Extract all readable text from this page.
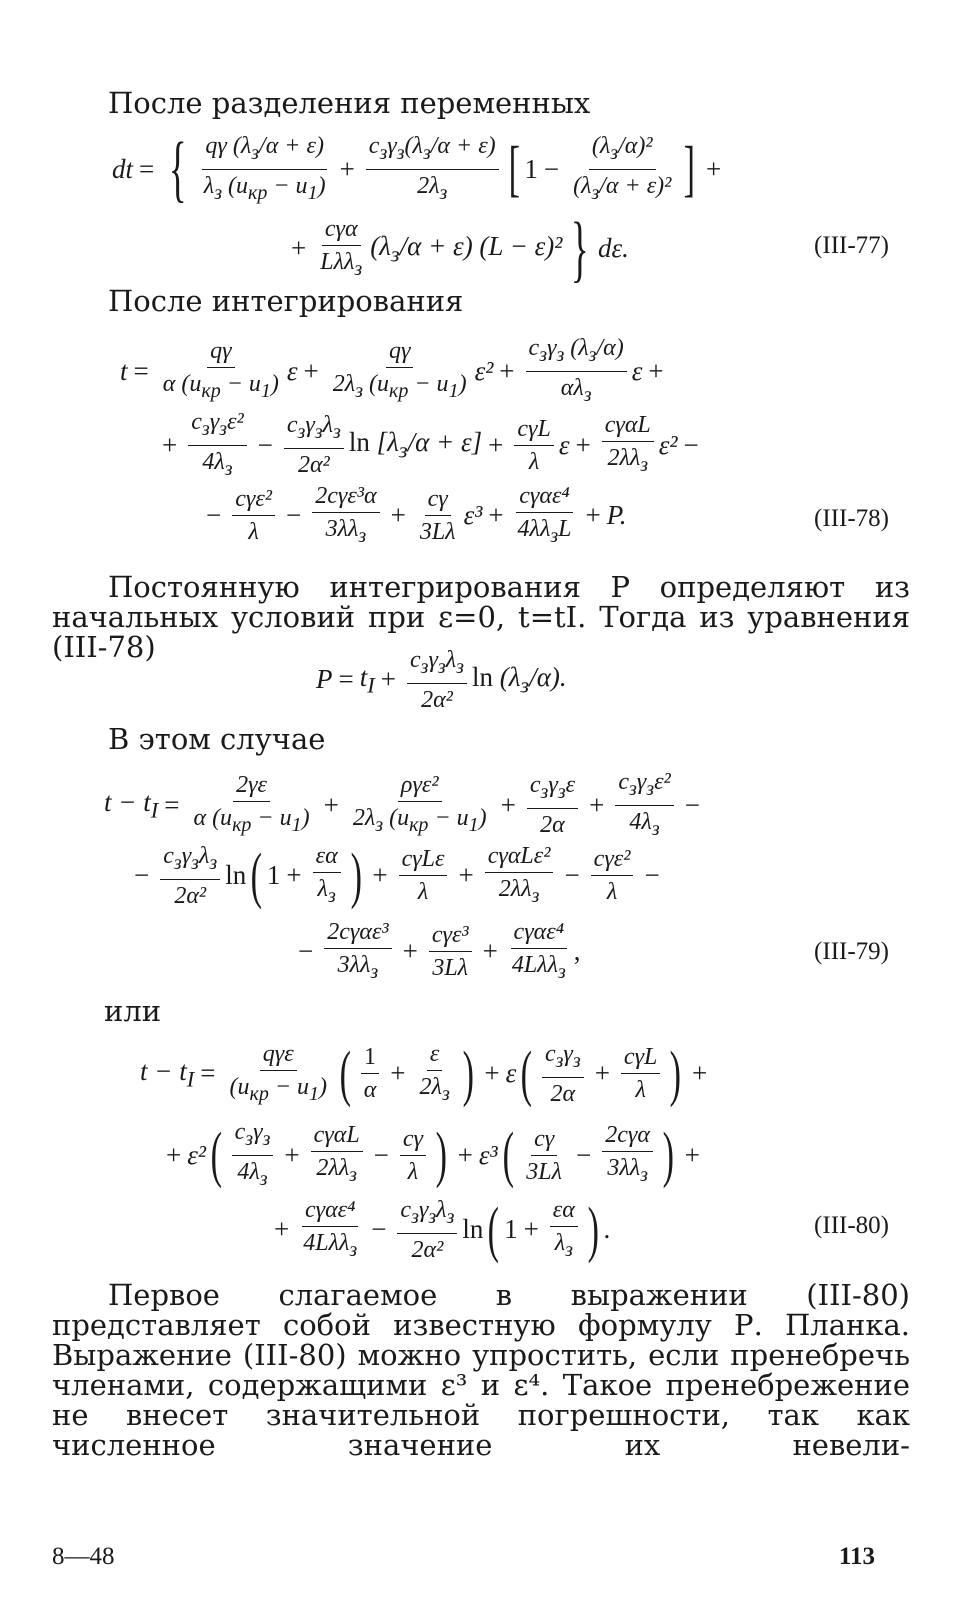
После разделения переменных
dt = { $\frac{q\gamma (\lambda_з/\alpha + \varepsilon)}{\lambda_з (u_{кр} - u_1)} + \frac{c_з\gamma_з(\lambda_з/\alpha + \varepsilon)}{2\lambda_з}$ [ $1 - \frac{(\lambda_з/\alpha)^2}{(\lambda_з/\alpha + \varepsilon)^2}$ ] +
+ $\frac{\text{cγα}}{L\lambda\lambda_з} (\lambda_з/\alpha + \varepsilon) (L - \varepsilon)^2$ } dε.	(III-77)
После интегрирования
$t = \frac{q\gamma}{\alpha (u_{кр} - u_1)}$ $\varepsilon + \frac{q\gamma}{2\lambda_з (u_{кр} - u_1)} \varepsilon^2 + \frac{c_з\gamma_з (\lambda_з/\alpha)}{\alpha\lambda_з}$ ε +
+ $\frac{c_з\gamma_з\varepsilon^2}{4\lambda_з} - \frac{c_з\gamma_з\lambda_з}{\text{2α²}}$ $\ln [\lambda_з/\alpha + \varepsilon] + \frac{\text{cγL}}{\lambda}$ $\varepsilon + \frac{\text{cγαL}}{2\lambda\lambda_з} \varepsilon^2$ −
− $\frac{\text{cγε²}}{\lambda} - \frac{\text{2cγε³α}}{3\lambda\lambda_з} + \frac{c\gamma}{3L\lambda} \varepsilon^3 + \frac{\text{cγαε⁴}}{4\lambda\lambda_зL} + P$.	(III-78)
Постоянную интегрирования P определяют из начальных условий при ε=0, t=tI. Тогда из уравнения (III-78)
$P = t_I + \frac{c_з\gamma_з\lambda_з}{\text{2α²}}$ $\ln (\lambda_з/\alpha)$.
В этом случае
$t - t_I = \frac{2\gamma\varepsilon}{\alpha (u_{кр} - u_1)} + \frac{\text{ργε²}}{2\lambda_з (u_{кр} - u_1)} + \frac{c_з\gamma_з\varepsilon}{2\alpha} + \frac{c_з\gamma_з\varepsilon^2}{4\lambda_з}$ −
− $\frac{c_з\gamma_з\lambda_з}{\text{2α²}}$ ln ( $1 + \frac{\varepsilon\alpha}{\lambda_з}$ ) + $\frac{\text{cγLε}}{\lambda} + \frac{\text{cγαLε²}}{2\lambda\lambda_з} - \frac{\text{cγε²}}{\lambda}$ −
− $\frac{\text{2cγαε³}}{3\lambda\lambda_з} + \frac{\text{cγε³}}{3L\lambda} + \frac{\text{cγαε⁴}}{4L\lambda\lambda_з}$ ,	(III-79)
или
$t - t_I = \frac{\text{qγε}}{(u_{кр} - u_1)}$ ( $\frac{1}{\alpha} + \frac{\varepsilon}{2\lambda_з}$ ) + ε ( $\frac{c_з\gamma_з}{2\alpha} + \frac{\text{cγL}}{\lambda}$ ) +
+ ε² ( $\frac{c_з\gamma_з}{4\lambda_з} + \frac{\text{cγαL}}{2\lambda\lambda_з} - \frac{c\gamma}{\lambda}$ ) + ε³ ( $\frac{c\gamma}{3L\lambda} - \frac{\text{2cγα}}{3\lambda\lambda_з}$ ) +
+ $\frac{\text{cγαε⁴}}{4L\lambda\lambda_з} - \frac{c_з\gamma_з\lambda_з}{\text{2α²}}$ ln ( $1 + \frac{\varepsilon\alpha}{\lambda_з}$ ) .	(III-80)
Первое слагаемое в выражении (III-80) представляет собой известную формулу Р. Планка. Выражение (III-80) можно упростить, если пренебречь членами, содержащими ε³ и ε⁴. Такое пренебрежение не внесет значительной погрешности, так как численное значение их невели-
8—48	113
